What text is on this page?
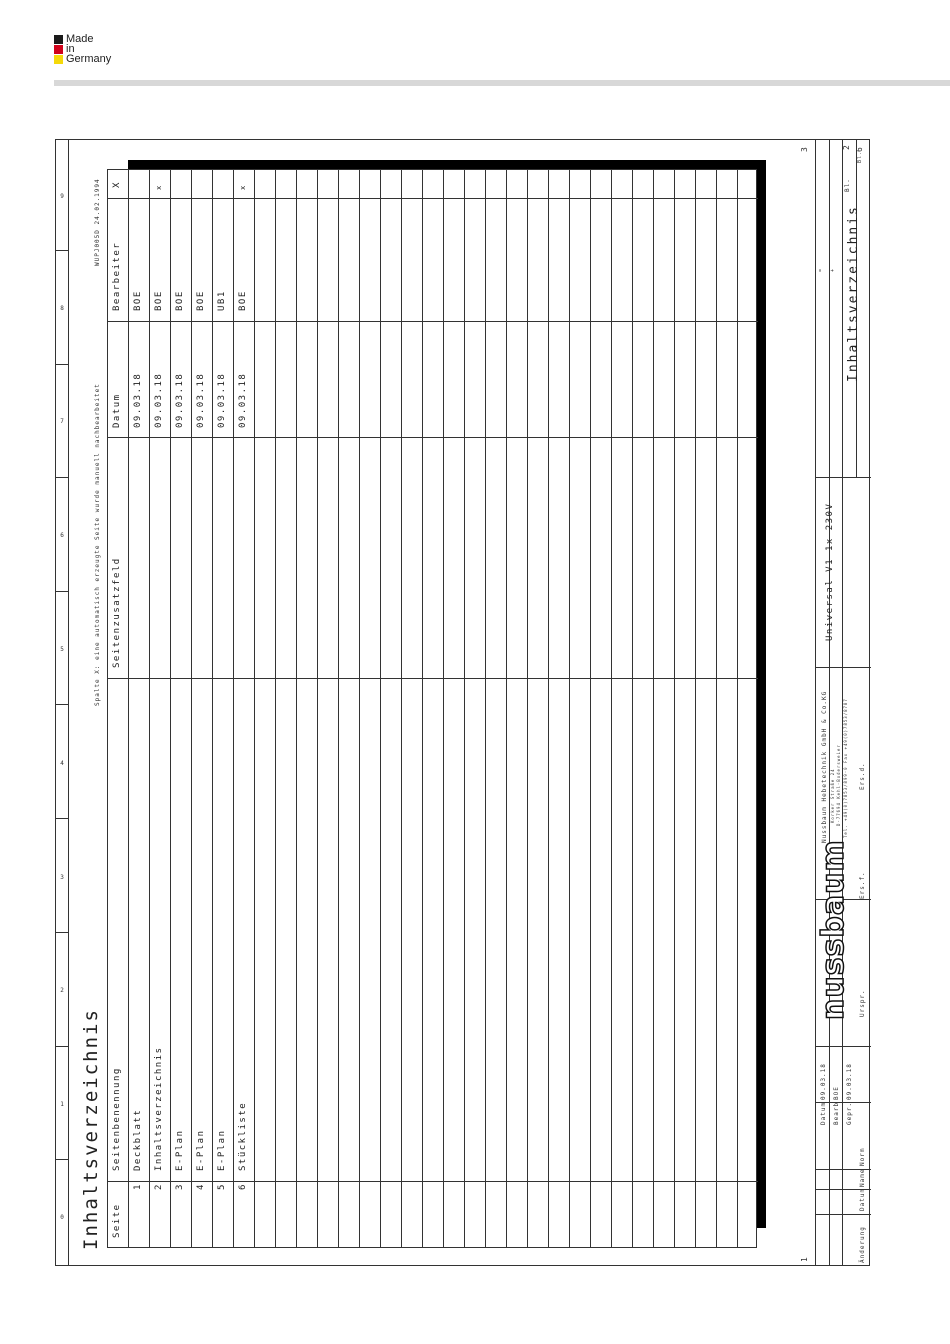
Made
in
Germany
9
8
7
6
5
4
3
2
1
0 Inhaltsverzeichnis
Spalte X: eine automatisch erzeugte Seite wurde manuell nachbearbeitet
WUPJ005D 24.02.1994
Seite
Seitenbenennung
Seitenzusatzfeld
Datum
Bearbeiter
X
1
Deckblatt
09.03.18
BOE
2
Inhaltsverzeichnis
09.03.18
BOE
x
3
E-Plan
09.03.18
BOE
4
E-Plan
09.03.18
BOE
5
E-Plan
09.03.18
UB1
6
Stückliste
09.03.18
BOE
x
1
3
Änderung
Datum
Name
Norm
Datum
09.03.18
Bearb
BOE
Gepr.
09.03.18
Urspr.
Ers.f.
Ers.d.
nussbaum
Nussbaum Hebetechnik GmbH & Co.KG Korker Straße 24 D-77694 Kehl-Bodersweier Tel. +49(0)7853/899-0 Fax +49(0)7853/8787
Universal V1 1x 230V
= + Inhaltsverzeichnis
Bl.
2 6
Bl.
